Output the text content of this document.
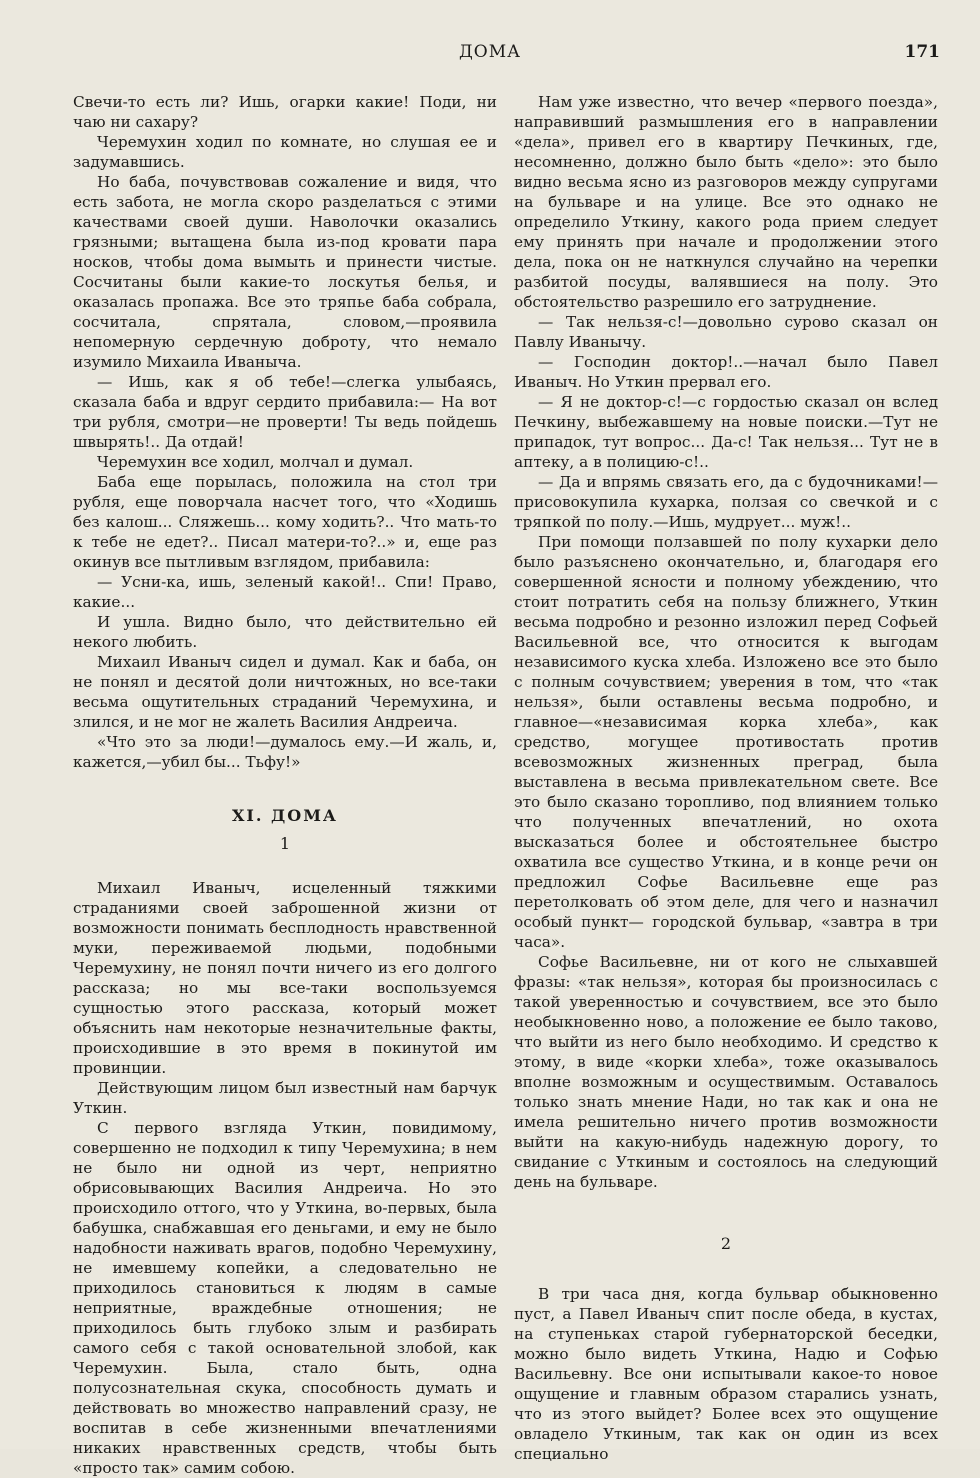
ДОМА	171

Свечи-то есть ли? Ишь, огарки какие! Поди, ни чаю ни сахару?

Черемухин ходил по комнате, но слушая ее и задумавшись.

Но баба, почувствовав сожаление и видя, что есть забота, не могла скоро разделаться с этими качествами своей души. Наволочки оказались грязными; вытащена была из-под кровати пара носков, чтобы дома вымыть и принести чистые. Сосчитаны были какие-то лоскутья белья, и оказалась пропажа. Все это тряпье баба собрала, сосчитала, спрятала, словом,—проявила непомерную сердечную доброту, что немало изумило Михаила Иваныча.

— Ишь, как я об тебе!—слегка улыбаясь, сказала баба и вдруг сердито прибавила:— На вот три рубля, смотри—не проверти! Ты ведь пойдешь швырять!.. Да отдай!

Черемухин все ходил, молчал и думал.

Баба еще порылась, положила на стол три рубля, еще поворчала насчет того, что «Ходишь без калош... Сляжешь... кому ходить?.. Что мать-то к тебе не едет?.. Писал матери-то?..» и, еще раз окинув все пытливым взглядом, прибавила:

— Усни-ка, ишь, зеленый какой!.. Спи! Право, какие...

И ушла. Видно было, что действительно ей некого любить.

Михаил Иваныч сидел и думал. Как и баба, он не понял и десятой доли ничтожных, но все-таки весьма ощутительных страданий Черемухина, и злился, и не мог не жалеть Василия Андреича.

«Что это за люди!—думалось ему.—И жаль, и, кажется,—убил бы... Тьфу!»

XI. ДОМА
1

Михаил Иваныч, исцеленный тяжкими страданиями своей заброшенной жизни от возможности понимать бесплодность нравственной муки, переживаемой людьми, подобными Черемухину, не понял почти ничего из его долгого рассказа; но мы все-таки воспользуемся сущностью этого рассказа, который может объяснить нам некоторые незначительные факты, происходившие в это время в покинутой им провинции.

Действующим лицом был известный нам барчук Уткин.

С первого взгляда Уткин, повидимому, совершенно не подходил к типу Черемухина; в нем не было ни одной из черт, неприятно обрисовывающих Василия Андреича. Но это происходило оттого, что у Уткина, во-первых, была бабушка, снабжавшая его деньгами, и ему не было надобности наживать врагов, подобно Черемухину, не имевшему копейки, а следовательно не приходилось становиться к людям в самые неприятные, враждебные отношения; не приходилось быть глубоко злым и разбирать самого себя с такой основательной злобой, как Черемухин. Была, стало быть, одна полусознательная скука, способность думать и действовать во множество направлений сразу, не воспитав в себе жизненными впечатлениями никаких нравственных средств, чтобы быть «просто так» самим собою.

Нам уже известно, что вечер «первого поезда», направивший размышления его в направлении «дела», привел его в квартиру Печкиных, где, несомненно, должно было быть «дело»: это было видно весьма ясно из разговоров между супругами на бульваре и на улице. Все это однако не определило Уткину, какого рода прием следует ему принять при начале и продолжении этого дела, пока он не наткнулся случайно на черепки разбитой посуды, валявшиеся на полу. Это обстоятельство разрешило его затруднение.

— Так нельзя-с!—довольно сурово сказал он Павлу Иванычу.

— Господин доктор!..—начал было Павел Иваныч. Но Уткин прервал его.

— Я не доктор-с!—с гордостью сказал он вслед Печкину, выбежавшему на новые поиски.—Тут не припадок, тут вопрос... Да-с! Так нельзя... Тут не в аптеку, а в полицию-с!..

— Да и впрямь связать его, да с будочниками!—присовокупила кухарка, ползая со свечкой и с тряпкой по полу.—Ишь, мудрует... муж!..

При помощи ползавшей по полу кухарки дело было разъяснено окончательно, и, благодаря его совершенной ясности и полному убеждению, что стоит потратить себя на пользу ближнего, Уткин весьма подробно и резонно изложил перед Софьей Васильевной все, что относится к выгодам независимого куска хлеба. Изложено все это было с полным сочувствием; уверения в том, что «так нельзя», были оставлены весьма подробно, и главное—«независимая корка хлеба», как средство, могущее противостать против всевозможных жизненных преград, была выставлена в весьма привлекательном свете. Все это было сказано торопливо, под влиянием только что полученных впечатлений, но охота высказаться более и обстоятельнее быстро охватила все существо Уткина, и в конце речи он предложил Софье Васильевне еще раз перетолковать об этом деле, для чего и назначил особый пункт— городской бульвар, «завтра в три часа».

Софье Васильевне, ни от кого не слыхавшей фразы: «так нельзя», которая бы произносилась с такой уверенностью и сочувствием, все это было необыкновенно ново, а положение ее было таково, что выйти из него было необходимо. И средство к этому, в виде «корки хлеба», тоже оказывалось вполне возможным и осуществимым. Оставалось только знать мнение Нади, но так как и она не имела решительно ничего против возможности выйти на какую-нибудь надежную дорогу, то свидание с Уткиным и состоялось на следующий день на бульваре.

2

В три часа дня, когда бульвар обыкновенно пуст, а Павел Иваныч спит после обеда, в кустах, на ступеньках старой губернаторской беседки, можно было видеть Уткина, Надю и Софью Васильевну. Все они испытывали какое-то новое ощущение и главным образом старались узнать, что из этого выйдет? Более всех это ощущение овладело Уткиным, так как он один из всех специально
